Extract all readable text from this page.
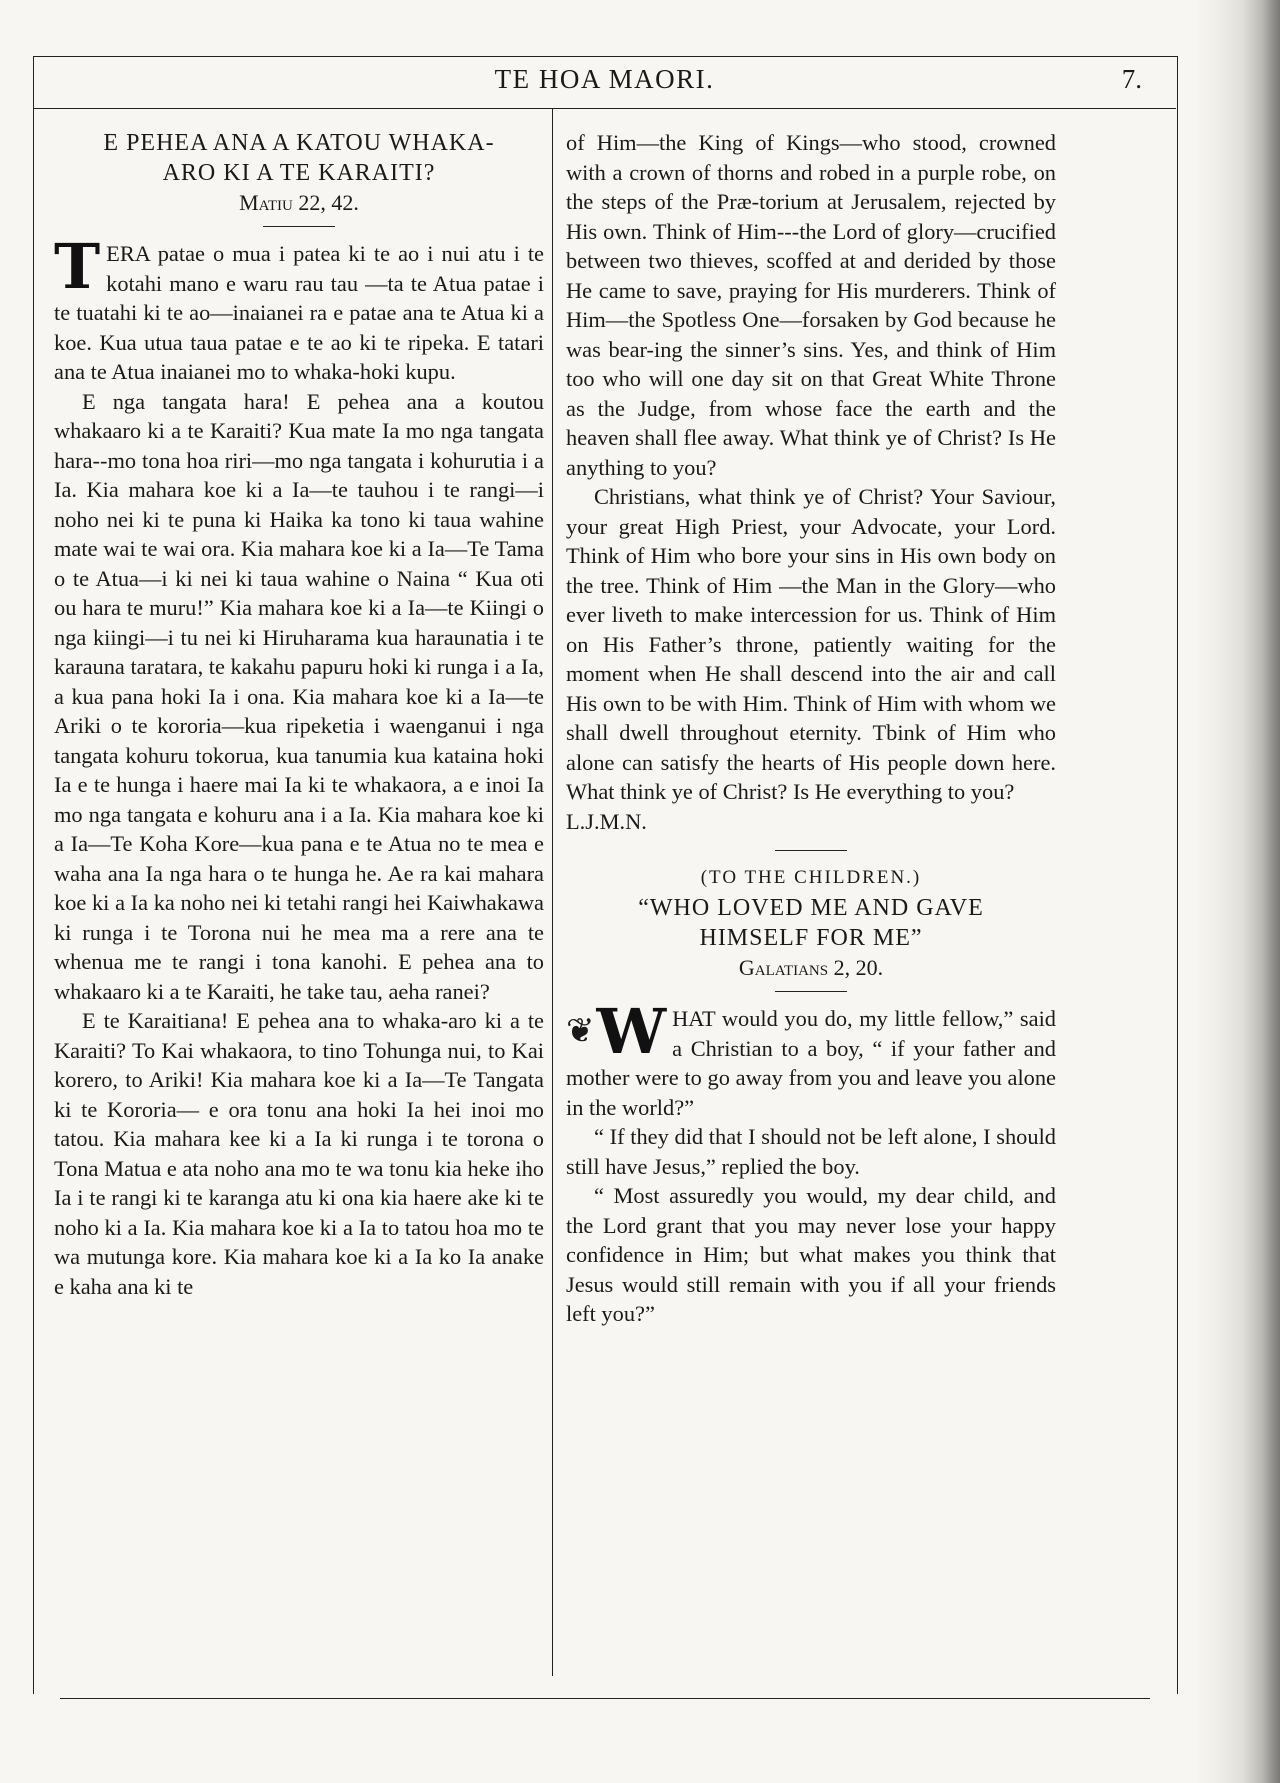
TE HOA MAORI.	7.
E PEHEA ANA A KATOU WHAKA-
ARO KI A TE KARAITI?
Matiu 22, 42.

TERA patae o mua i patea ki te ao i nui atu i te kotahi mano e waru rau tau —ta te Atua patae i te tuatahi ki te ao—inaianei ra e patae ana te Atua ki a koe. Kua utua taua patae e te ao ki te ripeka. E tatari ana te Atua inaianei mo to whaka-hoki kupu.

E nga tangata hara! E pehea ana a koutou whakaaro ki a te Karaiti? Kua mate Ia mo nga tangata hara--mo tona hoa riri—mo nga tangata i kohurutia i a Ia. Kia mahara koe ki a Ia—te tauhou i te rangi—i noho nei ki te puna ki Haika ka tono ki taua wahine mate wai te wai ora. Kia mahara koe ki a Ia—Te Tama o te Atua—i ki nei ki taua wahine o Naina “ Kua oti ou hara te muru!” Kia mahara koe ki a Ia—te Kiingi o nga kiingi—i tu nei ki Hiruharama kua haraunatia i te karauna taratara, te kakahu papuru hoki ki runga i a Ia, a kua pana hoki Ia i ona. Kia mahara koe ki a Ia—te Ariki o te kororia—kua ripeketia i waenganui i nga tangata kohuru tokorua, kua tanumia kua kataina hoki Ia e te hunga i haere mai Ia ki te whakaora, a e inoi Ia mo nga tangata e kohuru ana i a Ia. Kia mahara koe ki a Ia—Te Koha Kore—kua pana e te Atua no te mea e waha ana Ia nga hara o te hunga he. Ae ra kai mahara koe ki a Ia ka noho nei ki tetahi rangi hei Kaiwhakawa ki runga i te Torona nui he mea ma a rere ana te whenua me te rangi i tona kanohi. E pehea ana to whakaaro ki a te Karaiti, he take tau, aeha ranei?

E te Karaitiana! E pehea ana to whaka-aro ki a te Karaiti? To Kai whakaora, to tino Tohunga nui, to Kai korero, to Ariki! Kia mahara koe ki a Ia—Te Tangata ki te Kororia— e ora tonu ana hoki Ia hei inoi mo tatou. Kia mahara kee ki a Ia ki runga i te torona o Tona Matua e ata noho ana mo te wa tonu kia heke iho Ia i te rangi ki te karanga atu ki ona kia haere ake ki te noho ki a Ia. Kia mahara koe ki a Ia to tatou hoa mo te wa mutunga kore. Kia mahara koe ki a Ia ko Ia anake e kaha ana ki te

of Him—the King of Kings—who stood, crowned with a crown of thorns and robed in a purple robe, on the steps of the Præ-torium at Jerusalem, rejected by His own. Think of Him---the Lord of glory—crucified between two thieves, scoffed at and derided by those He came to save, praying for His murderers. Think of Him—the Spotless One—forsaken by God because he was bear-ing the sinner’s sins. Yes, and think of Him too who will one day sit on that Great White Throne as the Judge, from whose face the earth and the heaven shall flee away. What think ye of Christ? Is He anything to you?

Christians, what think ye of Christ? Your Saviour, your great High Priest, your Advocate, your Lord. Think of Him who bore your sins in His own body on the tree. Think of Him —the Man in the Glory—who ever liveth to make intercession for us. Think of Him on His Father’s throne, patiently waiting for the moment when He shall descend into the air and call His own to be with Him. Think of Him with whom we shall dwell throughout eternity. Tbink of Him who alone can satisfy the hearts of His people down here. What think ye of Christ? Is He everything to you?

L.J.M.N.

(TO THE CHILDREN.)
“WHO LOVED ME AND GAVE
HIMSELF FOR ME”
Galatians 2, 20.

❦ W HAT would you do, my little fellow,” said a Christian to a boy, “ if your father and mother were to go away from you and leave you alone in the world?”

“ If they did that I should not be left alone, I should still have Jesus,” replied the boy.

“ Most assuredly you would, my dear child, and the Lord grant that you may never lose your happy confidence in Him; but what makes you think that Jesus would still remain with you if all your friends left you?”
